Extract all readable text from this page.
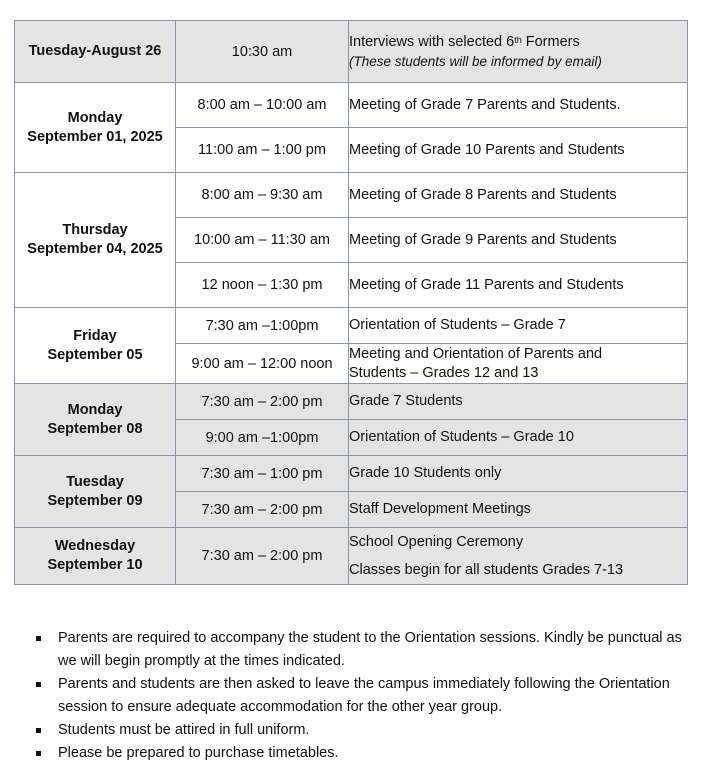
Tuesday-August 26	10:30 am	Interviews with selected 6th Formers
(These students will be informed by email)

Monday
September 01, 2025	8:00 am – 10:00 am	Meeting of Grade 7 Parents and Students.
	11:00 am – 1:00 pm	Meeting of Grade 10 Parents and Students

Thursday
September 04, 2025	8:00 am – 9:30 am	Meeting of Grade 8 Parents and Students
	10:00 am – 11:30 am	Meeting of Grade 9 Parents and Students
	12 noon – 1:30 pm	Meeting of Grade 11 Parents and Students

Friday
September 05	7:30 am –1:00pm	Orientation of Students – Grade 7
	9:00 am – 12:00 noon	Meeting and Orientation of Parents and
Students – Grades 12 and 13

Monday
September 08	7:30 am – 2:00 pm	Grade 7 Students
	9:00 am –1:00pm	Orientation of Students – Grade 10

Tuesday
September 09	7:30 am – 1:00 pm	Grade 10 Students only
	7:30 am – 2:00 pm	Staff Development Meetings

Wednesday
September 10	7:30 am – 2:00 pm	School Opening Ceremony
Classes begin for all students Grades 7-13
Parents are required to accompany the student to the Orientation sessions. Kindly be punctual as we will begin promptly at the times indicated.
Parents and students are then asked to leave the campus immediately following the Orientation session to ensure adequate accommodation for the other year group.
Students must be attired in full uniform.
Please be prepared to purchase timetables.
